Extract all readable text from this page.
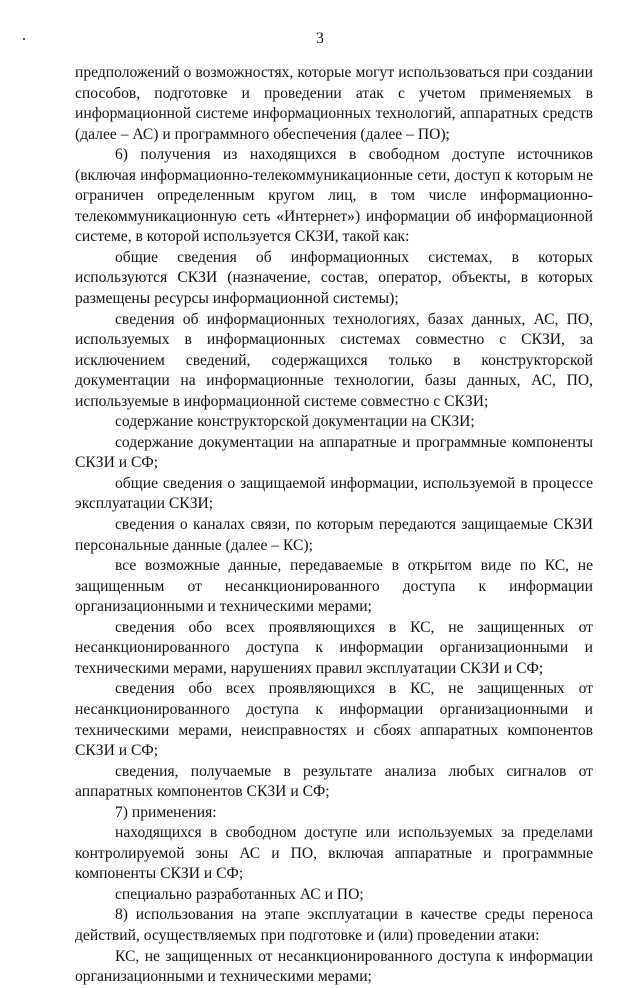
3

предположений о возможностях, которые могут использоваться при создании способов, подготовке и проведении атак с учетом применяемых в информационной системе информационных технологий, аппаратных средств (далее – АС) и программного обеспечения (далее – ПО);

6) получения из находящихся в свободном доступе источников (включая информационно-телекоммуникационные сети, доступ к которым не ограничен определенным кругом лиц, в том числе информационно-телекоммуникационную сеть «Интернет») информации об информационной системе, в которой используется СКЗИ, такой как:

общие сведения об информационных системах, в которых используются СКЗИ (назначение, состав, оператор, объекты, в которых размещены ресурсы информационной системы);

сведения об информационных технологиях, базах данных, АС, ПО, используемых в информационных системах совместно с СКЗИ, за исключением сведений, содержащихся только в конструкторской документации на информационные технологии, базы данных, АС, ПО, используемые в информационной системе совместно с СКЗИ;

содержание конструкторской документации на СКЗИ;

содержание документации на аппаратные и программные компоненты СКЗИ и СФ;

общие сведения о защищаемой информации, используемой в процессе эксплуатации СКЗИ;

сведения о каналах связи, по которым передаются защищаемые СКЗИ персональные данные (далее – КС);

все возможные данные, передаваемые в открытом виде по КС, не защищенным от несанкционированного доступа к информации организационными и техническими мерами;

сведения обо всех проявляющихся в КС, не защищенных от несанкционированного доступа к информации организационными и техническими мерами, нарушениях правил эксплуатации СКЗИ и СФ;

сведения обо всех проявляющихся в КС, не защищенных от несанкционированного доступа к информации организационными и техническими мерами, неисправностях и сбоях аппаратных компонентов СКЗИ и СФ;

сведения, получаемые в результате анализа любых сигналов от аппаратных компонентов СКЗИ и СФ;

7) применения:

находящихся в свободном доступе или используемых за пределами контролируемой зоны АС и ПО, включая аппаратные и программные компоненты СКЗИ и СФ;

специально разработанных АС и ПО;

8) использования на этапе эксплуатации в качестве среды переноса действий, осуществляемых при подготовке и (или) проведении атаки:

КС, не защищенных от несанкционированного доступа к информации организационными и техническими мерами;
